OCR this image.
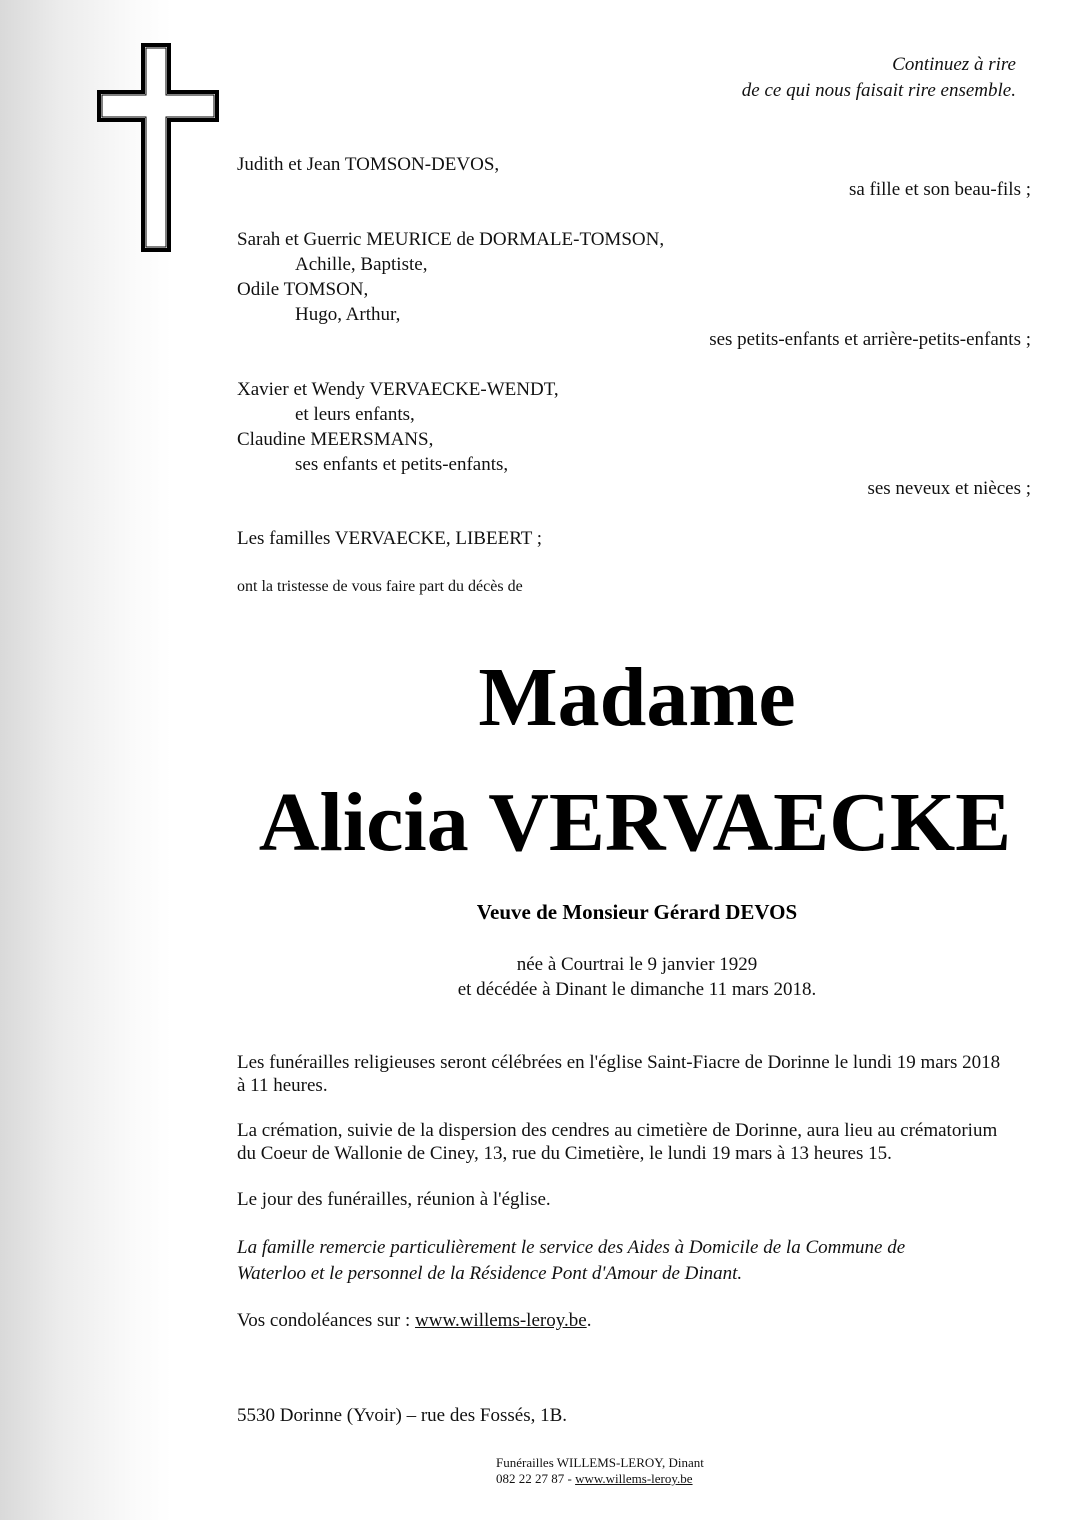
Continuez à rire
de ce qui nous faisait rire ensemble.
Judith et Jean TOMSON-DEVOS,
sa fille et son beau-fils ;
Sarah et Guerric MEURICE de DORMALE-TOMSON,
Achille, Baptiste,
Odile TOMSON,
Hugo, Arthur,
ses petits-enfants et arrière-petits-enfants ;
Xavier et Wendy VERVAECKE-WENDT,
et leurs enfants,
Claudine MEERSMANS,
ses enfants et petits-enfants,
ses neveux et nièces ;
Les familles VERVAECKE, LIBEERT ;
ont la tristesse de vous faire part du décès de
Madame
Alicia VERVAECKE
Veuve de Monsieur Gérard DEVOS
née à Courtrai le 9 janvier 1929
et décédée à Dinant le dimanche 11 mars 2018.
Les funérailles religieuses seront célébrées en l'église Saint-Fiacre de Dorinne le lundi 19 mars 2018
à 11 heures.
La crémation, suivie de la dispersion des cendres au cimetière de Dorinne, aura lieu au crématorium
du Coeur de Wallonie de Ciney, 13, rue du Cimetière, le lundi 19 mars à 13 heures 15.
Le jour des funérailles, réunion à l'église.
La famille remercie particulièrement le service des Aides à Domicile de la Commune de
Waterloo et le personnel de la Résidence Pont d'Amour de Dinant.
Vos condoléances sur : www.willems-leroy.be.
5530 Dorinne (Yvoir) – rue des Fossés, 1B.
Funérailles WILLEMS-LEROY, Dinant
082 22 27 87 - www.willems-leroy.be
